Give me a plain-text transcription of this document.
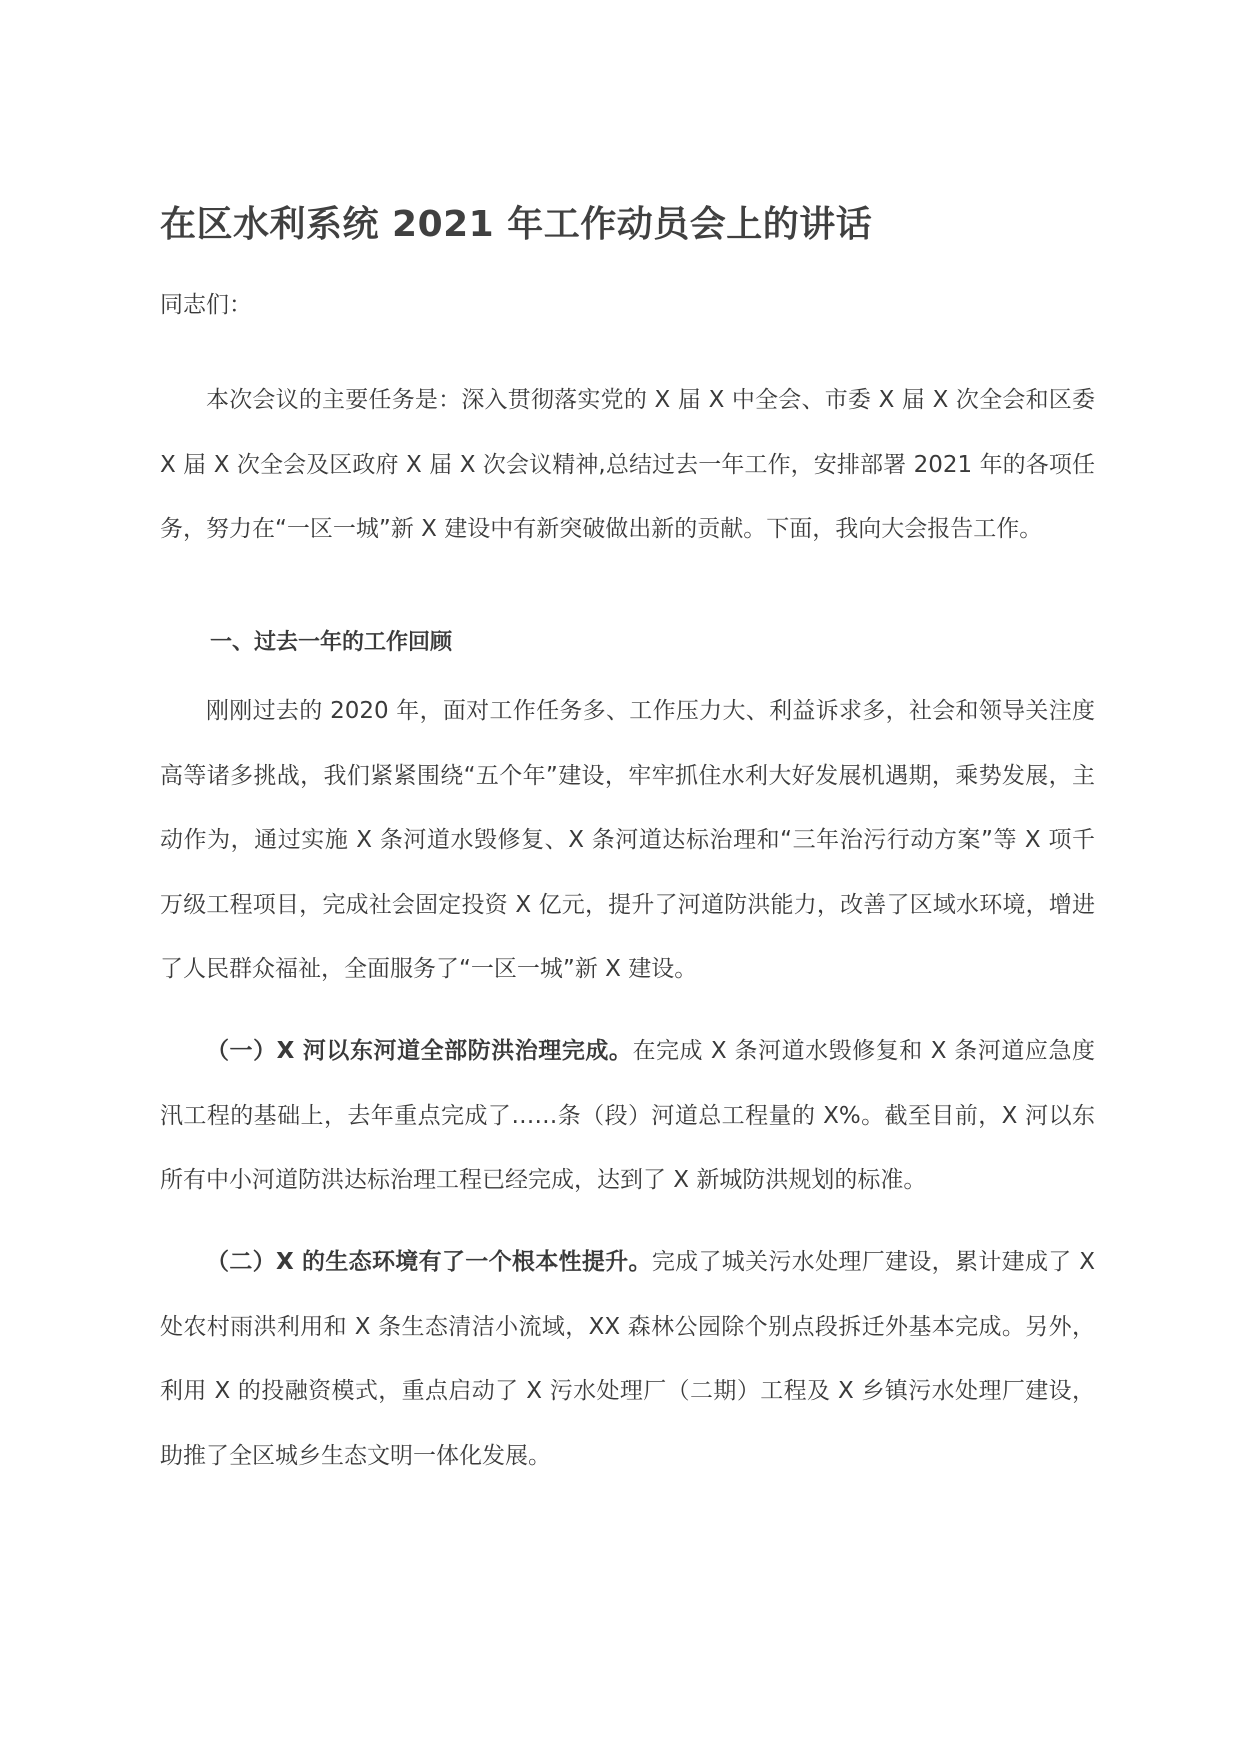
在区水利系统 2021 年工作动员会上的讲话
同志们：

本次会议的主要任务是：深入贯彻落实党的 X 届 X 中全会、市委 X 届 X 次全会和区委 X 届 X 次全会及区政府 X 届 X 次会议精神,总结过去一年工作，安排部署 2021 年的各项任务，努力在“一区一城”新 X 建设中有新突破做出新的贡献。下面，我向大会报告工作。

一、过去一年的工作回顾

刚刚过去的 2020 年，面对工作任务多、工作压力大、利益诉求多，社会和领导关注度高等诸多挑战，我们紧紧围绕“五个年”建设，牢牢抓住水利大好发展机遇期，乘势发展，主动作为，通过实施 X 条河道水毁修复、X 条河道达标治理和“三年治污行动方案”等 X 项千万级工程项目，完成社会固定投资 X 亿元，提升了河道防洪能力，改善了区域水环境，增进了人民群众福祉，全面服务了“一区一城”新 X 建设。

（一）X 河以东河道全部防洪治理完成。在完成 X 条河道水毁修复和 X 条河道应急度汛工程的基础上，去年重点完成了……条（段）河道总工程量的 X%。截至目前，X 河以东所有中小河道防洪达标治理工程已经完成，达到了 X 新城防洪规划的标准。

（二）X 的生态环境有了一个根本性提升。完成了城关污水处理厂建设，累计建成了 X 处农村雨洪利用和 X 条生态清洁小流域，XX 森林公园除个别点段拆迁外基本完成。另外，利用 X 的投融资模式，重点启动了 X 污水处理厂（二期）工程及 X 乡镇污水处理厂建设，助推了全区城乡生态文明一体化发展。
